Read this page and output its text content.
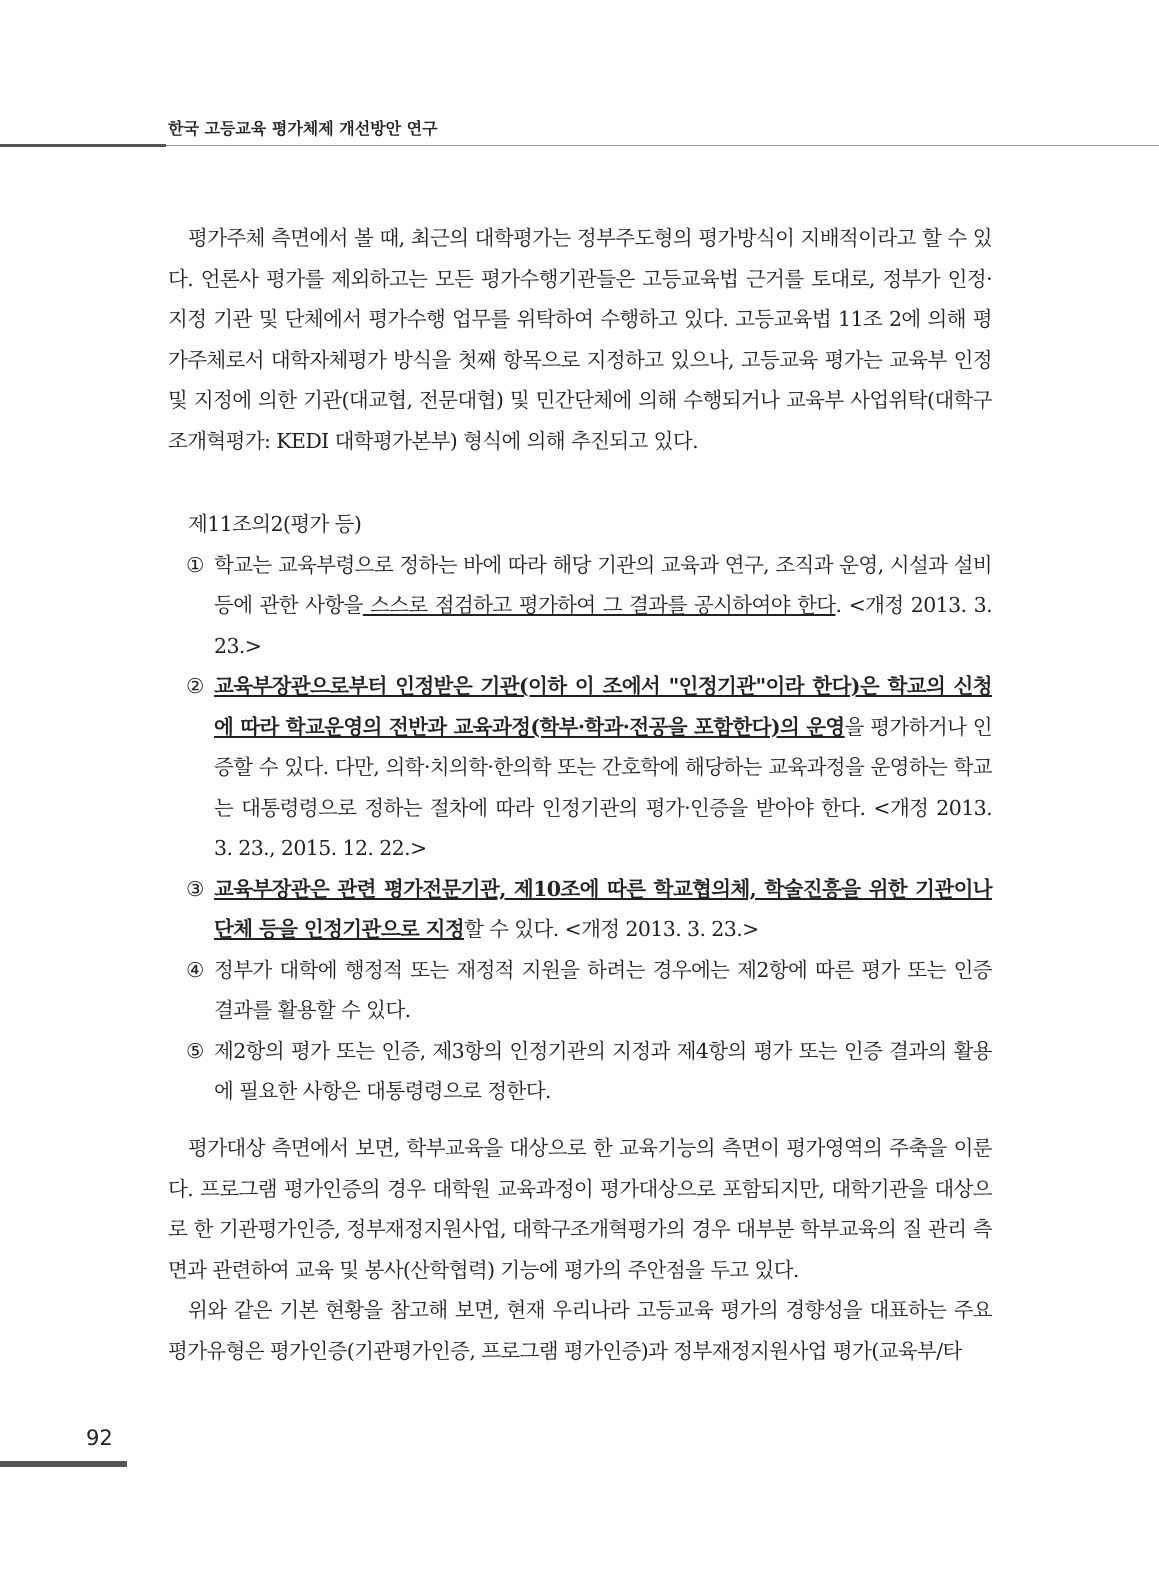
한국 고등교육 평가체제 개선방안 연구

평가주체 측면에서 볼 때, 최근의 대학평가는 정부주도형의 평가방식이 지배적이라고 할 수 있다. 언론사 평가를 제외하고는 모든 평가수행기관들은 고등교육법 근거를 토대로, 정부가 인정·지정 기관 및 단체에서 평가수행 업무를 위탁하여 수행하고 있다. 고등교육법 11조 2에 의해 평가주체로서 대학자체평가 방식을 첫째 항목으로 지정하고 있으나, 고등교육 평가는 교육부 인정 및 지정에 의한 기관(대교협, 전문대협) 및 민간단체에 의해 수행되거나 교육부 사업위탁(대학구조개혁평가: KEDI 대학평가본부) 형식에 의해 추진되고 있다.

제11조의2(평가 등)

① 학교는 교육부령으로 정하는 바에 따라 해당 기관의 교육과 연구, 조직과 운영, 시설과 설비 등에 관한 사항을 스스로 점검하고 평가하여 그 결과를 공시하여야 한다. <개정 2013. 3. 23.>
② 교육부장관으로부터 인정받은 기관(이하 이 조에서 "인정기관"이라 한다)은 학교의 신청에 따라 학교운영의 전반과 교육과정(학부·학과·전공을 포함한다)의 운영을 평가하거나 인증할 수 있다. 다만, 의학·치의학·한의학 또는 간호학에 해당하는 교육과정을 운영하는 학교는 대통령령으로 정하는 절차에 따라 인정기관의 평가·인증을 받아야 한다. <개정 2013. 3. 23., 2015. 12. 22.>
③ 교육부장관은 관련 평가전문기관, 제10조에 따른 학교협의체, 학술진흥을 위한 기관이나 단체 등을 인정기관으로 지정할 수 있다. <개정 2013. 3. 23.>
④ 정부가 대학에 행정적 또는 재정적 지원을 하려는 경우에는 제2항에 따른 평가 또는 인증 결과를 활용할 수 있다.
⑤ 제2항의 평가 또는 인증, 제3항의 인정기관의 지정과 제4항의 평가 또는 인증 결과의 활용에 필요한 사항은 대통령령으로 정한다.

평가대상 측면에서 보면, 학부교육을 대상으로 한 교육기능의 측면이 평가영역의 주축을 이룬다. 프로그램 평가인증의 경우 대학원 교육과정이 평가대상으로 포함되지만, 대학기관을 대상으로 한 기관평가인증, 정부재정지원사업, 대학구조개혁평가의 경우 대부분 학부교육의 질 관리 측면과 관련하여 교육 및 봉사(산학협력) 기능에 평가의 주안점을 두고 있다.

위와 같은 기본 현황을 참고해 보면, 현재 우리나라 고등교육 평가의 경향성을 대표하는 주요 평가유형은 평가인증(기관평가인증, 프로그램 평가인증)과 정부재정지원사업 평가(교육부/타

92
